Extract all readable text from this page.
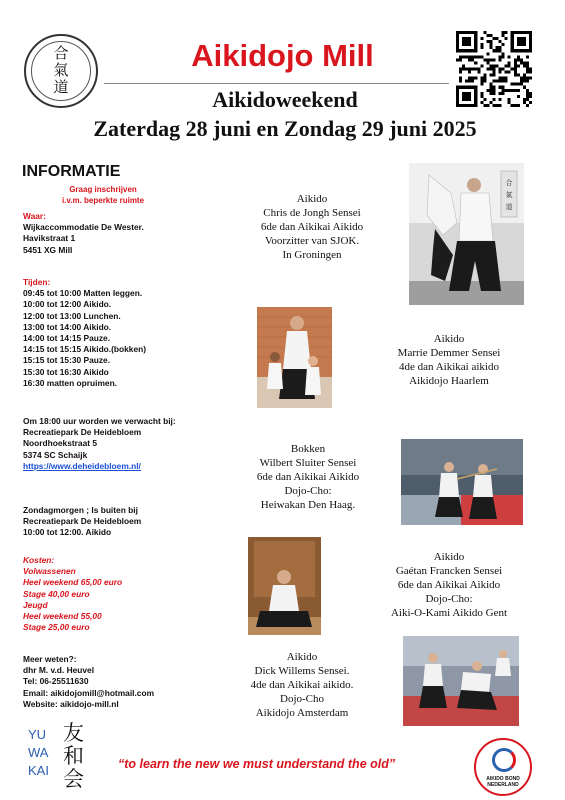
合
氣
道
Aikidojo Mill
Aikidoweekend
Zaterdag 28 juni en Zondag 29 juni 2025
INFORMATIE
Graag inschrijven
i.v.m. beperkte ruimte
Waar:
Wijkaccommodatie De Wester.
Havikstraat 1
5451 XG Mill
Tijden:
09:45 tot 10:00 Matten leggen.
10:00 tot 12:00 Aikido.
12:00 tot 13:00 Lunchen.
13:00 tot 14:00 Aikido.
14:00 tot 14:15 Pauze.
14:15 tot 15:15 Aikido.(bokken)
15:15 tot 15:30 Pauze.
15:30 tot 16:30 Aikido
16:30 matten opruimen.
Om 18:00 uur worden we verwacht bij:
Recreatiepark De Heidebloem
Noordhoekstraat 5
5374 SC Schaijk
https://www.deheidebloem.nl/
Zondagmorgen ; Is buiten bij
Recreatiepark De Heidebloem
10:00 tot 12:00. Aikido
Kosten:
Volwassenen
Heel weekend 65,00 euro
Stage 40,00 euro
Jeugd
Heel weekend 55,00
Stage 25,00 euro
Meer weten?:
dhr M. v.d. Heuvel
Tel: 06-25511630
Email: aikidojomill@hotmail.com
Website: aikidojo-mill.nl
Aikido
Chris de Jongh Sensei
6de dan Aikikai Aikido
Voorzitter van SJOK.
In Groningen
Aikido
Marrie Demmer Sensei
4de dan Aikikai aikido
Aikidojo Haarlem
Bokken
Wilbert Sluiter Sensei
6de dan Aikikai Aikido
Dojo-Cho:
Heiwakan Den Haag.
Aikido
Gaétan Francken Sensei
6de dan Aikikai Aikido
Dojo-Cho:
Aiki-O-Kami Aikido Gent
Aikido
Dick Willems Sensei.
4de dan Aikikai aikido.
Dojo-Cho
Aikidojo Amsterdam
合
氣
道
YU
WA
KAI
友
和
会
“to learn the new we must understand the old”
AIKIDO BOND
NEDERLAND
